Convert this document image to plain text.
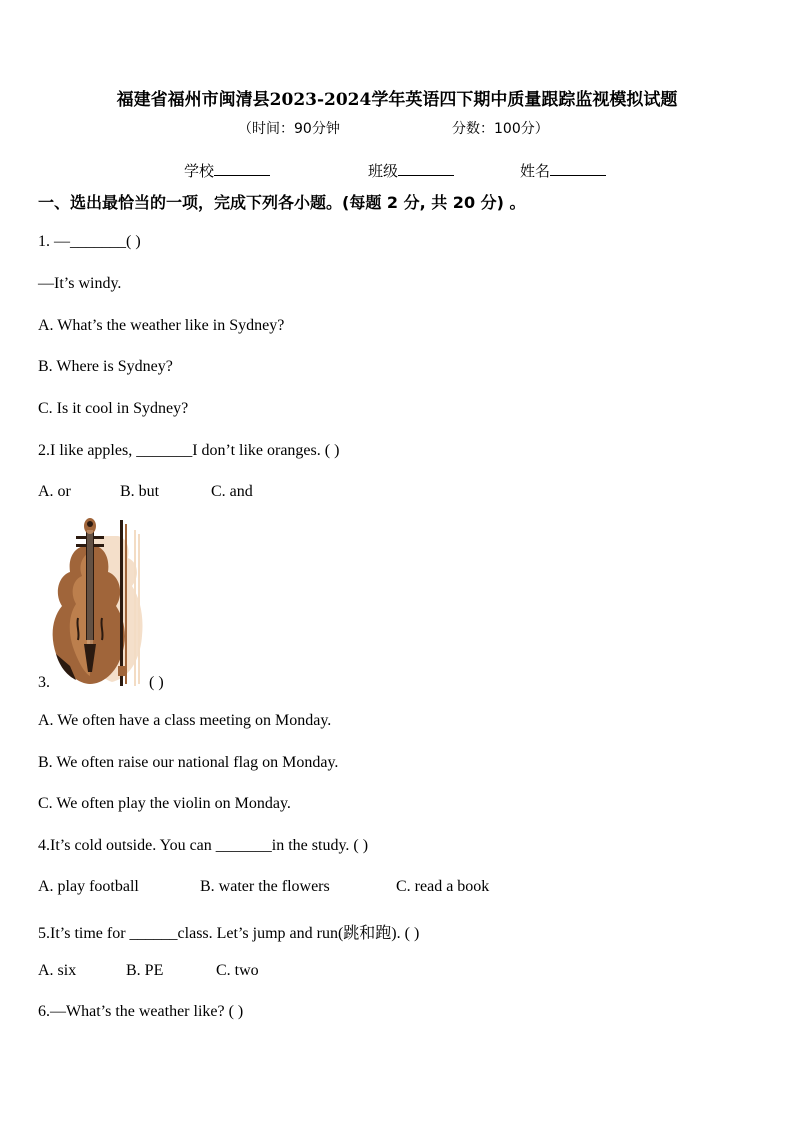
福建省福州市闽清县2023-2024学年英语四下期中质量跟踪监视模拟试题
（时间：90分钟	分数：100分）
学校	班级	姓名
一、选出最恰当的一项，完成下列各小题。(每题 2 分, 共 20 分) 。
1. —_______( )
—It’s windy.
A. What’s the weather like in Sydney?
B. Where is Sydney?
C. Is it cool in Sydney?
2.I like apples, _______I don’t like oranges. ( )
A. or	B. but	C. and
3.	( )
A. We often have a class meeting on Monday.
B. We often raise our national flag on Monday.
C. We often play the violin on Monday.
4.It’s cold outside. You can _______in the study. ( )
A. play football	B. water the flowers	C. read a book
5.It’s time for ______class. Let’s jump and run(跳和跑). ( )
A. six	B. PE	C. two
6.—What’s the weather like? ( )
